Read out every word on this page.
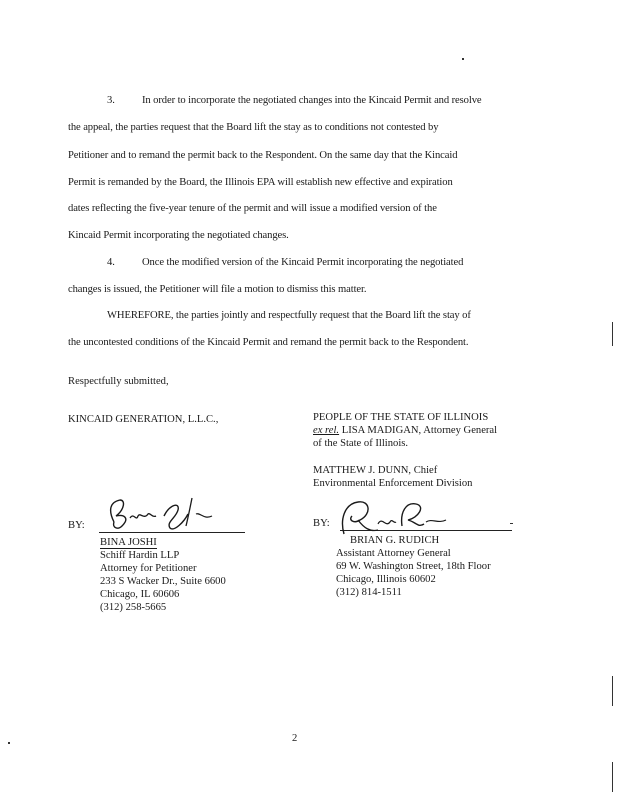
3.	In order to incorporate the negotiated changes into the Kincaid Permit and resolve
the appeal, the parties request that the Board lift the stay as to conditions not contested by
Petitioner and to remand the permit back to the Respondent. On the same day that the Kincaid
Permit is remanded by the Board, the Illinois EPA will establish new effective and expiration
dates reflecting the five-year tenure of the permit and will issue a modified version of the
Kincaid Permit incorporating the negotiated changes.
4.	Once the modified version of the Kincaid Permit incorporating the negotiated
changes is issued, the Petitioner will file a motion to dismiss this matter.
WHEREFORE, the parties jointly and respectfully request that the Board lift the stay of
the uncontested conditions of the Kincaid Permit and remand the permit back to the Respondent.
Respectfully submitted,
KINCAID GENERATION, L.L.C.,
BY:
BINA JOSHI
Schiff Hardin LLP
Attorney for Petitioner
233 S Wacker Dr., Suite 6600
Chicago, IL 60606
(312) 258-5665
PEOPLE OF THE STATE OF ILLINOIS
ex rel. LISA MADIGAN, Attorney General
of the State of Illinois.
MATTHEW J. DUNN, Chief
Environmental Enforcement Division
BY:
BRIAN G. RUDICH
Assistant Attorney General
69 W. Washington Street, 18th Floor
Chicago, Illinois 60602
(312) 814-1511
2
